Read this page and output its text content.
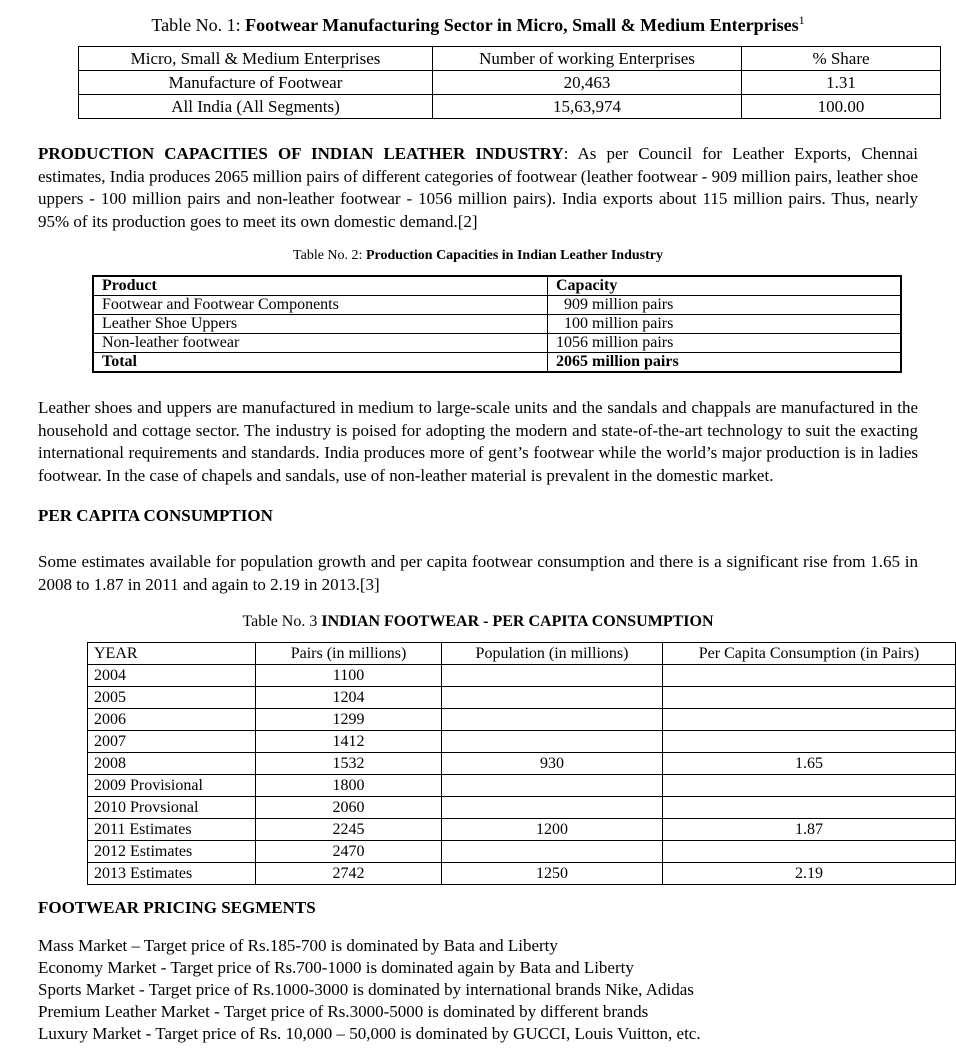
Table No. 1: Footwear Manufacturing Sector in Micro, Small & Medium Enterprises$^1$
Micro, Small & Medium Enterprises	Number of working Enterprises	% Share
Manufacture of Footwear	20,463	1.31
All India (All Segments)	15,63,974	100.00

PRODUCTION CAPACITIES OF INDIAN LEATHER INDUSTRY: As per Council for Leather Exports, Chennai estimates, India produces 2065 million pairs of different categories of footwear (leather footwear - 909 million pairs, leather shoe uppers - 100 million pairs and non-leather footwear - 1056 million pairs). India exports about 115 million pairs. Thus, nearly 95% of its production goes to meet its own domestic demand.[2]

Table No. 2: Production Capacities in Indian Leather Industry
Product	Capacity
Footwear and Footwear Components	909 million pairs
Leather Shoe Uppers	100 million pairs
Non-leather footwear	1056 million pairs
Total	2065 million pairs

Leather shoes and uppers are manufactured in medium to large-scale units and the sandals and chappals are manufactured in the household and cottage sector. The industry is poised for adopting the modern and state-of-the-art technology to suit the exacting international requirements and standards. India produces more of gent’s footwear while the world’s major production is in ladies footwear. In the case of chapels and sandals, use of non-leather material is prevalent in the domestic market.

PER CAPITA CONSUMPTION

Some estimates available for population growth and per capita footwear consumption and there is a significant rise from 1.65 in 2008 to 1.87 in 2011 and again to 2.19 in 2013.[3]

Table No. 3 INDIAN FOOTWEAR - PER CAPITA CONSUMPTION
YEAR	Pairs (in millions)	Population (in millions)	Per Capita Consumption (in Pairs)
2004	1100		
2005	1204		
2006	1299		
2007	1412		
2008	1532	930	1.65
2009 Provisional	1800		
2010 Provsional	2060		
2011 Estimates	2245	1200	1.87
2012 Estimates	2470		
2013 Estimates	2742	1250	2.19
FOOTWEAR PRICING SEGMENTS
Mass Market – Target price of Rs.185-700 is dominated by Bata and Liberty
Economy Market - Target price of Rs.700-1000 is dominated again by Bata and Liberty
Sports Market - Target price of Rs.1000-3000 is dominated by international brands Nike, Adidas
Premium Leather Market - Target price of Rs.3000-5000 is dominated by different brands
Luxury Market - Target price of Rs. 10,000 – 50,000 is dominated by GUCCI, Louis Vuitton, etc.
